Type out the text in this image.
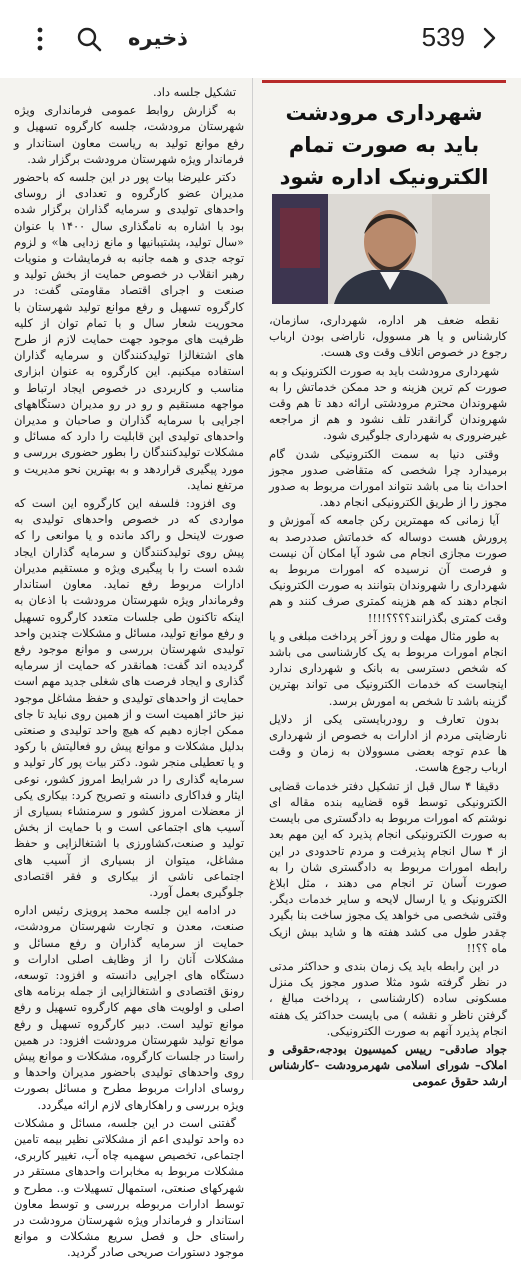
539
ذخیره

تشکیل جلسه داد.

به گزارش روابط عمومی فرمانداری ویژه شهرستان مرودشت، جلسه کارگروه تسهیل و رفع موانع تولید به ریاست معاون استاندار و فرماندار ویژه شهرستان مرودشت برگزار شد.

دکتر علیرضا بیات پور در این جلسه که باحضور مدیران عضو کارگروه و تعدادی از روسای واحدهای تولیدی و سرمایه گذاران برگزار شده بود با اشاره به نامگذاری سال ۱۴۰۰ با عنوان «سال تولید، پشتیبانیها و مانع زدایی ها» و لزوم توجه جدی و همه جانبه به فرمایشات و منویات رهبر انقلاب در خصوص حمایت از بخش تولید و صنعت و اجرای اقتصاد مقاومتی گفت: در کارگروه تسهیل و رفع موانع تولید شهرستان با محوریت شعار سال و با تمام توان از کلیه ظرفیت های موجود جهت حمایت لازم از طرح های اشتغالزا تولیدکنندگان و سرمایه گذاران استفاده میکنیم. این کارگروه به عنوان ابزاری مناسب و کاربردی در خصوص ایجاد ارتباط و مواجهه مستقیم و رو در رو مدیران دستگاههای اجرایی با سرمایه گذاران و صاحبان و مدیران واحدهای تولیدی این قابلیت را دارد که مسائل و مشکلات تولیدکنندگان را بطور حضوری بررسی و مورد پیگیری قراردهد و به بهترین نحو مدیریت و مرتفع نماید.

وی افزود: فلسفه این کارگروه این است که مواردی که در خصوص واحدهای تولیدی به صورت لاینحل و راکد مانده و یا موانعی را که پیش روی تولیدکنندگان و سرمایه گذاران ایجاد شده است را با پیگیری ویژه و مستقیم مدیران ادارات مربوط رفع نماید. معاون استاندار وفرماندار ویژه شهرستان مرودشت با اذعان به اینکه تاکنون طی جلسات متعدد کارگروه تسهیل و رفع موانع تولید، مسائل و مشکلات چندین واحد تولیدی شهرستان بررسی و موانع موجود رفع گردیده اند گفت: همانقدر که حمایت از سرمایه گذاری و ایجاد فرصت های شغلی جدید مهم است حمایت از واحدهای تولیدی و حفظ مشاغل موجود نیز حائز اهمیت است و از همین روی نباید تا جای ممکن اجازه دهیم که هیچ واحد تولیدی و صنعتی بدلیل مشکلات و موانع پیش رو فعالیتش با رکود و یا تعطیلی منجر شود. دکتر بیات پور کار تولید و سرمایه گذاری را در شرایط امروز کشور، نوعی ایثار و فداکاری دانسته و تصریح کرد: بیکاری یکی از معضلات امروز کشور و سرمنشاء بسیاری از آسیب های اجتماعی است و با حمایت از بخش تولید و صنعت،کشاورزی با اشتغالزایی و حفظ مشاغل، میتوان از بسیاری از آسیب های اجتماعی ناشی از بیکاری و فقر اقتصادی جلوگیری بعمل آورد.

در ادامه این جلسه محمد پرویزی رئیس اداره صنعت، معدن و تجارت شهرستان مرودشت، حمایت از سرمایه گذاران و رفع مسائل و مشکلات آنان را از وظایف اصلی ادارات و دستگاه های اجرایی دانسته و افزود: توسعه، رونق اقتصادی و اشتغالزایی از جمله برنامه های اصلی و اولویت های مهم کارگروه تسهیل و رفع موانع تولید است. دبیر کارگروه تسهیل و رفع موانع تولید شهرستان مرودشت افزود: در همین راستا در جلسات کارگروه، مشکلات و موانع پیش روی واحدهای تولیدی باحضور مدیران واحدها و روسای ادارات مربوط مطرح و مسائل بصورت ویژه بررسی و راهکارهای لازم ارائه میگردد.

گفتنی است در این جلسه، مسائل و مشکلات ده واحد تولیدی اعم از مشکلاتی نظیر بیمه تامین اجتماعی، تخصیص سهمیه چاه آب، تغییر کاربری، مشکلات مربوط به مخابرات واحدهای مستقر در شهرکهای صنعتی، استمهال تسهیلات و.. مطرح و توسط ادارات مربوطه بررسی و توسط معاون استاندار و فرماندار ویژه شهرستان مرودشت در راستای حل و فصل سریع مشکلات و موانع موجود دستورات صریحی صادر گردید.

شهرداری مرودشت باید به صورت تمام الکترونیک اداره شود

نقطه ضعف هر اداره، شهرداری، سازمان، کارشناس و یا هر مسوول، ناراضی بودن ارباب رجوع در خصوص اتلاف وقت وی هست.

شهرداری مرودشت باید به صورت الکترونیک و به صورت کم ترین هزینه و حد ممکن خدماتش را به شهروندان محترم مرودشتی ارائه دهد تا هم وقت شهروندان گرانقدر تلف نشود و هم از مراجعه غیرضروری به شهرداری جلوگیری شود.

وقتی دنیا به سمت الکترونیکی شدن گام برمیدارد چرا شخصی که متقاضی صدور مجوز احداث بنا می باشد نتواند امورات مربوط به صدور مجوز را از طریق الکترونیکی انجام دهد.

آیا زمانی که مهمترین رکن جامعه که آموزش و پرورش هست دوساله که خدماتش صددرصد به صورت مجازی انجام می شود آیا امکان آن نیست و فرصت آن نرسیده که امورات مربوط به شهرداری را شهروندان بتوانند به صورت الکترونیک انجام دهند که هم هزینه کمتری صرف کنند و هم وقت کمتری بگذرانند؟؟؟؟!!!!

به طور مثال مهلت و روز آخر پرداخت مبلغی و یا انجام امورات مربوط به یک کارشناسی می باشد که شخص دسترسی به بانک و شهرداری ندارد اینجاست که خدمات الکترونیک می تواند بهترین گزینه باشد تا شخص به امورش برسد.

بدون تعارف و رودربایستی یکی از دلایل نارضایتی مردم از ادارات به خصوص از شهرداری ها عدم توجه بعضی مسوولان به زمان و وقت ارباب رجوع هاست.

دقیقا ۴ سال قبل از تشکیل دفتر خدمات قضایی الکترونیکی توسط قوه قضاییه بنده مقاله ای نوشتم که امورات مربوط به دادگستری می بایست به صورت الکترونیکی انجام پذیرد که این مهم بعد از ۴ سال انجام پذیرفت و مردم تاحدودی در این رابطه امورات مربوط به دادگستری شان را به صورت آسان تر انجام می دهند ، مثل ابلاغ الکترونیک و یا ارسال لایحه و سایر خدمات دیگر. وقتی شخصی می خواهد یک مجوز ساخت بنا بگیرد چقدر طول می کشد هفته ها و شاید بیش ازیک ماه ؟؟!!

در این رابطه باید یک زمان بندی و حداکثر مدتی در نظر گرفته شود مثلا صدور مجوز یک منزل مسکونی ساده (کارشناسی ، پرداخت مبالغ ، گرفتن ناظر و نقشه ) می بایست حداکثر یک هفته انجام پذیرد آنهم به صورت الکترونیکی.

جواد صادقی– رییس کمیسیون بودجه،حقوقی و املاک– شورای اسلامی شهرمرودشت –کارشناس ارشد حقوق عمومی
